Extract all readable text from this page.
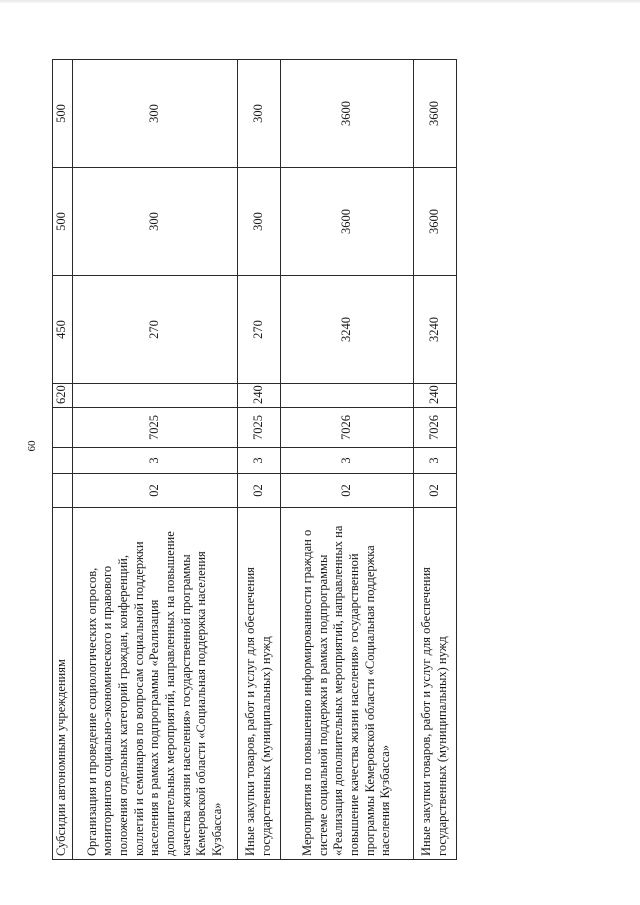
60
Субсидии автономным учреждениям				620	450	500	500
Организация и проведение социологических опросов, мониторингов социально-экономического и правового положения отдельных категорий граждан, конференций, коллегий и семинаров по вопросам социальной поддержки населения в рамках подпрограммы «Реализация дополнительных мероприятий, направленных на повышение качества жизни населения» государственной программы Кемеровской области «Социальная поддержка населения Кузбасса»	02	3	7025		270	300	300
Иные закупки товаров, работ и услуг для обеспечения государственных (муниципальных) нужд	02	3	7025	240	270	300	300
Мероприятия по повышению информированности граждан о системе социальной поддержки в рамках подпрограммы «Реализация дополнительных мероприятий, направленных на повышение качества жизни населения» государственной программы Кемеровской области «Социальная поддержка населения Кузбасса»	02	3	7026		3240	3600	3600
Иные закупки товаров, работ и услуг для обеспечения государственных (муниципальных) нужд	02	3	7026	240	3240	3600	3600
